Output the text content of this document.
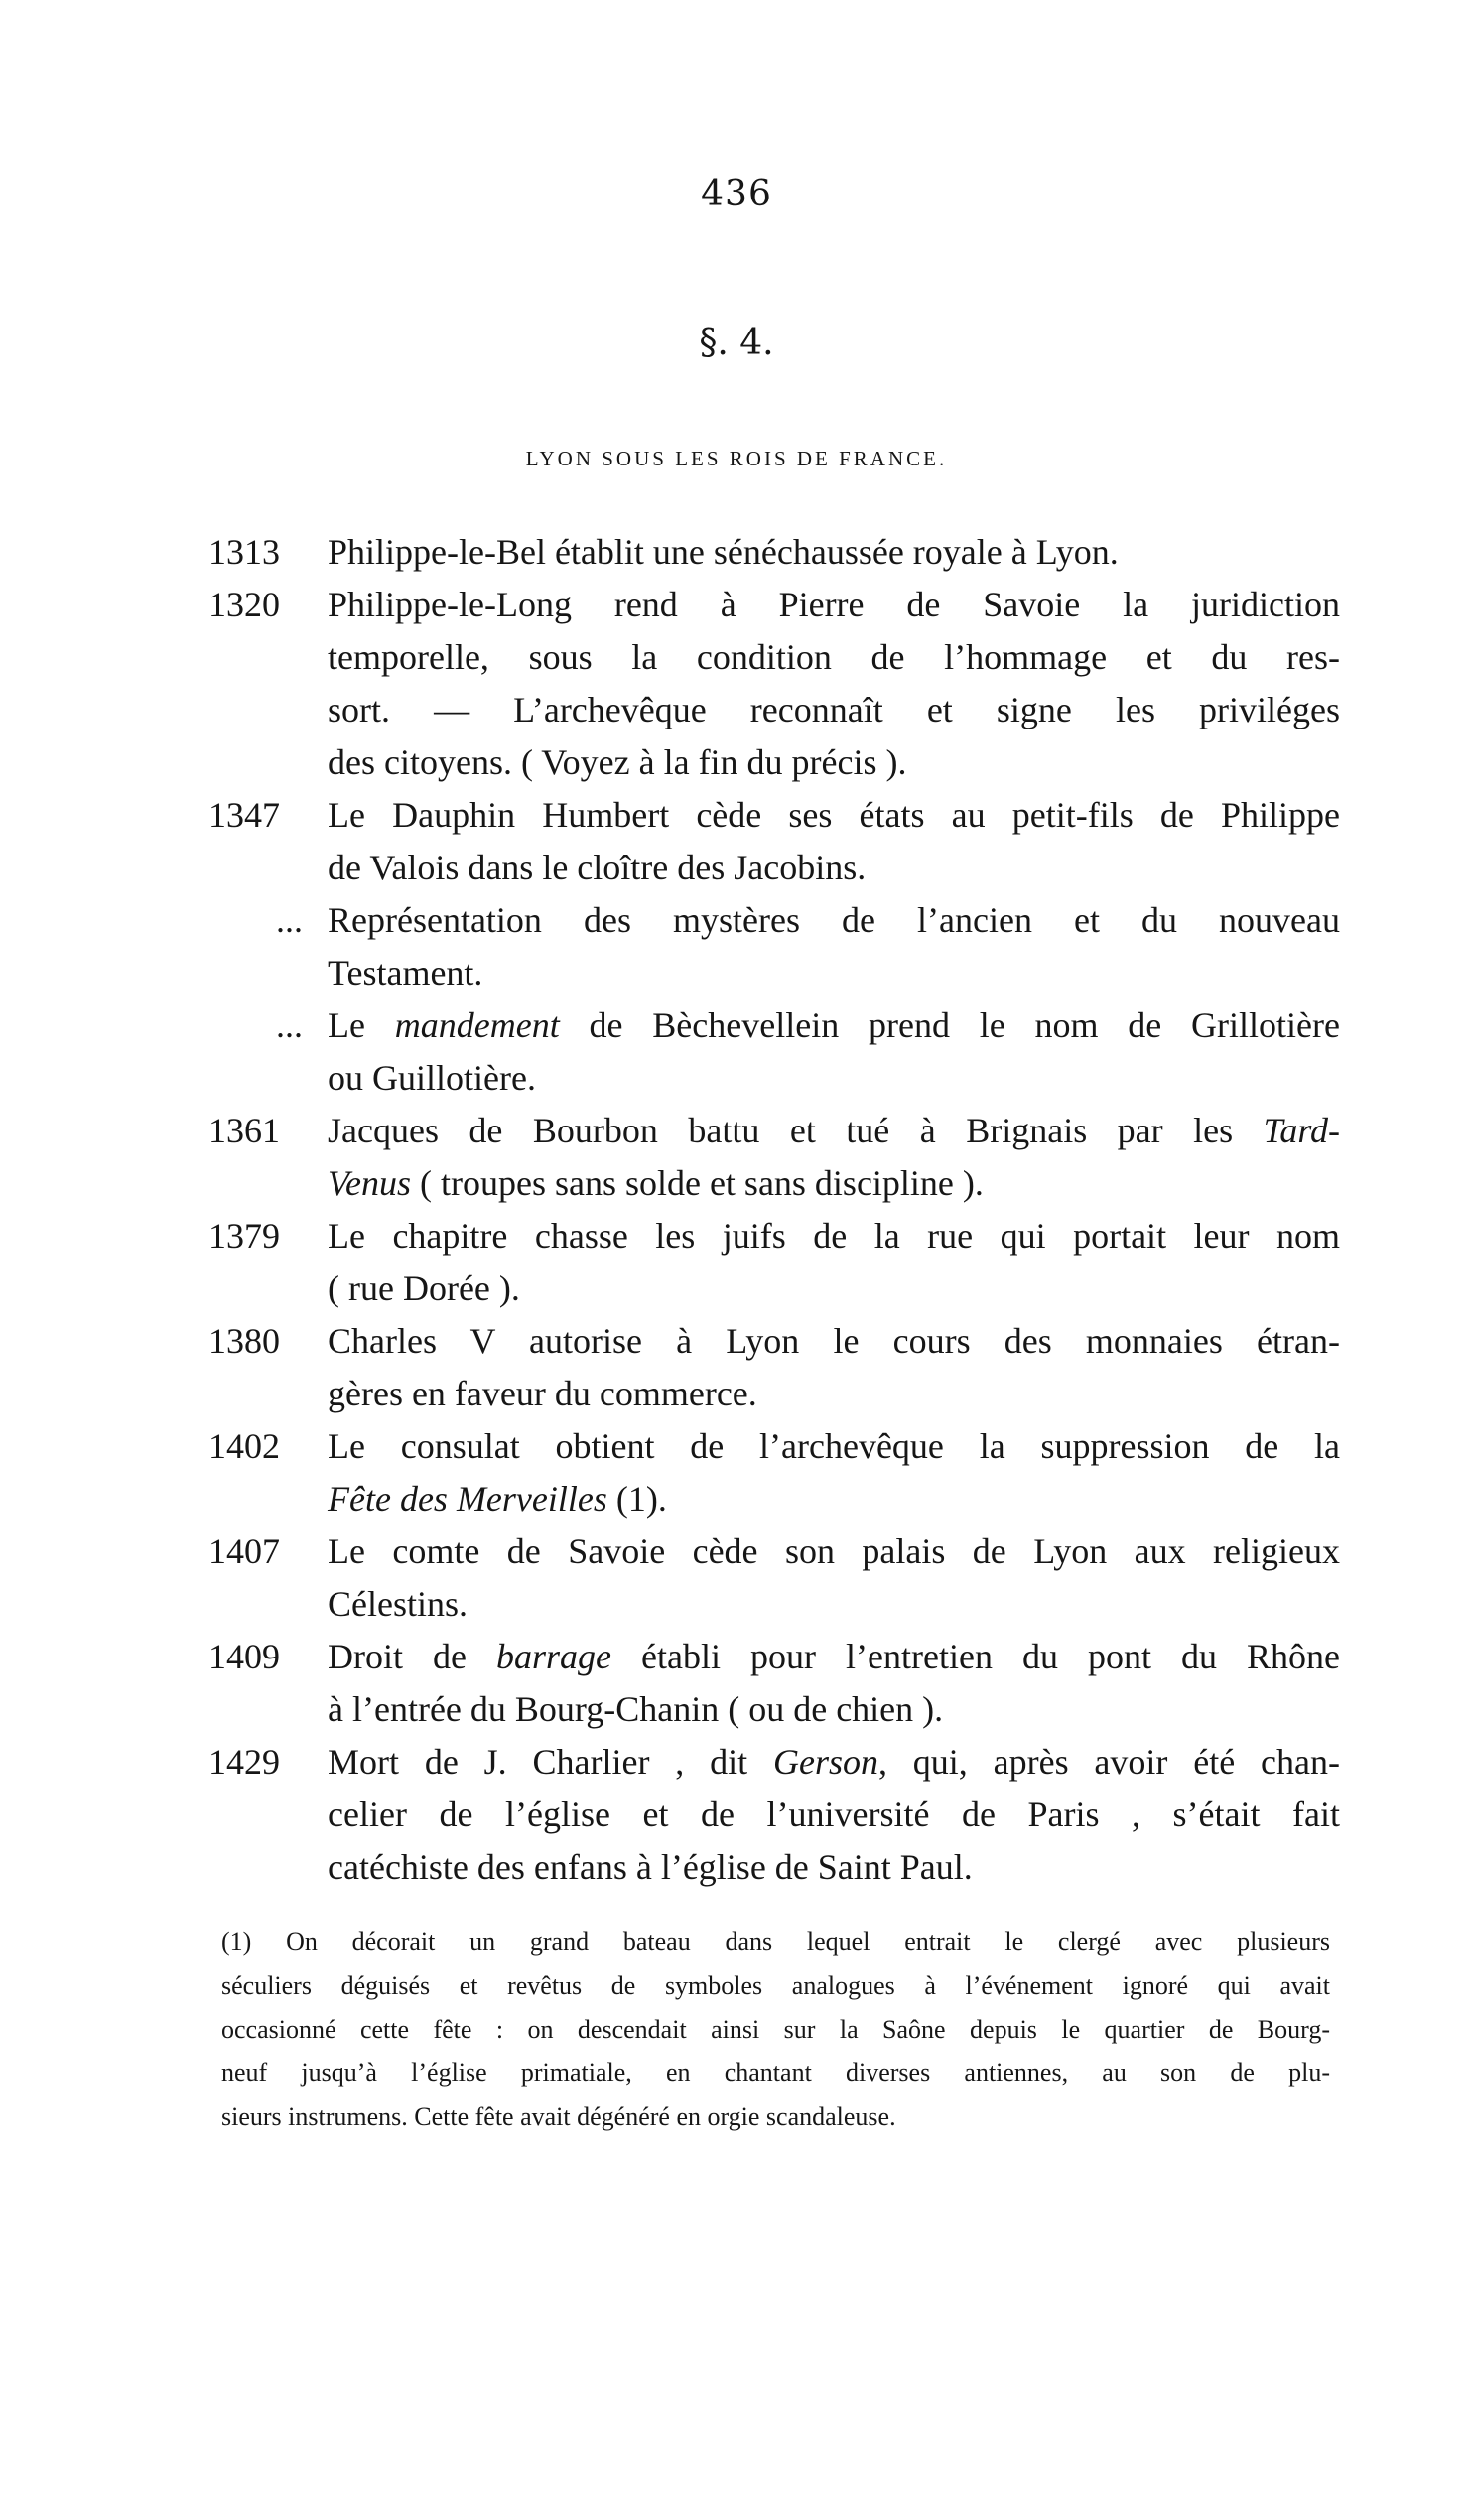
436
§. 4.
LYON SOUS LES ROIS DE FRANCE.
1313	Philippe-le-Bel établit une sénéchaussée royale à Lyon.
1320	Philippe-le-Long rend à Pierre de Savoie la juridiction
temporelle, sous la condition de l’hommage et du res-
sort. — L’archevêque reconnaît et signe les priviléges
des citoyens. ( Voyez à la fin du précis ).
1347	Le Dauphin Humbert cède ses états au petit-fils de Philippe
de Valois dans le cloître des Jacobins.
... Représentation des mystères de l’ancien et du nouveau
Testament.
... Le mandement de Bèchevellein prend le nom de Grillotière
ou Guillotière.
1361	Jacques de Bourbon battu et tué à Brignais par les Tard-
Venus ( troupes sans solde et sans discipline ).
1379	Le chapitre chasse les juifs de la rue qui portait leur nom
( rue Dorée ).
1380	Charles V autorise à Lyon le cours des monnaies étran-
gères en faveur du commerce.
1402	Le consulat obtient de l’archevêque la suppression de la
Fête des Merveilles (1).
1407	Le comte de Savoie cède son palais de Lyon aux religieux
Célestins.
1409	Droit de barrage établi pour l’entretien du pont du Rhône
à l’entrée du Bourg-Chanin ( ou de chien ).
1429	Mort de J. Charlier , dit Gerson, qui, après avoir été chan-
celier de l’église et de l’université de Paris , s’était fait
catéchiste des enfans à l’église de Saint Paul.
(1) On décorait un grand bateau dans lequel entrait le clergé avec plusieurs
séculiers déguisés et revêtus de symboles analogues à l’événement ignoré qui avait
occasionné cette fête : on descendait ainsi sur la Saône depuis le quartier de Bourg-
neuf jusqu’à l’église primatiale, en chantant diverses antiennes, au son de plu-
sieurs instrumens. Cette fête avait dégénéré en orgie scandaleuse.
